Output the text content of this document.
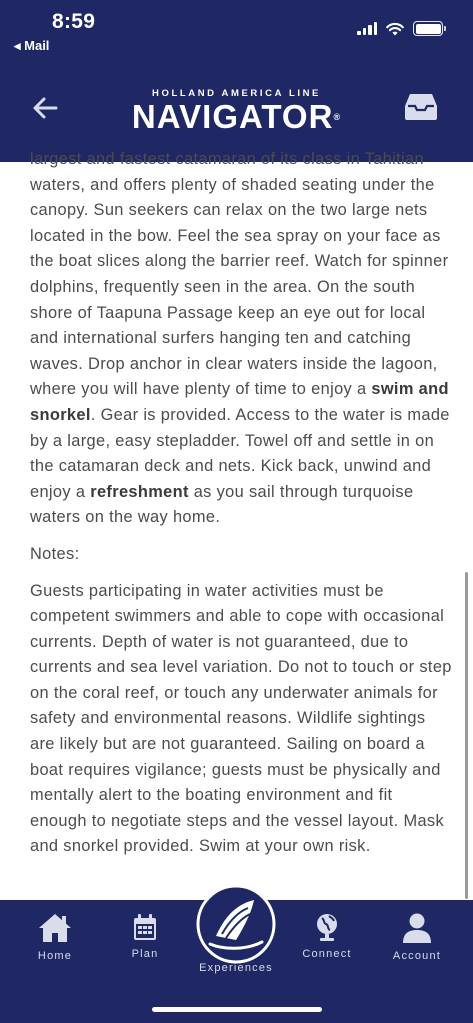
8:59
◂ Mail
HOLLAND AMERICA LINE
NAVIGATOR®

largest and fastest catamaran of its class in Tahitian waters, and offers plenty of shaded seating under the canopy. Sun seekers can relax on the two large nets located in the bow. Feel the sea spray on your face as the boat slices along the barrier reef. Watch for spinner dolphins, frequently seen in the area. On the south shore of Taapuna Passage keep an eye out for local and international surfers hanging ten and catching waves. Drop anchor in clear waters inside the lagoon, where you will have plenty of time to enjoy a swim and snorkel. Gear is provided. Access to the water is made by a large, easy stepladder. Towel off and settle in on the catamaran deck and nets. Kick back, unwind and enjoy a refreshment as you sail through turquoise waters on the way home.

Notes:

Guests participating in water activities must be competent swimmers and able to cope with occasional currents. Depth of water is not guaranteed, due to currents and sea level variation. Do not to touch or step on the coral reef, or touch any underwater animals for safety and environmental reasons. Wildlife sightings are likely but are not guaranteed. Sailing on board a boat requires vigilance; guests must be physically and mentally alert to the boating environment and fit enough to negotiate steps and the vessel layout. Mask and snorkel provided. Swim at your own risk.

Home	Plan
Experiences
Connect	Account
